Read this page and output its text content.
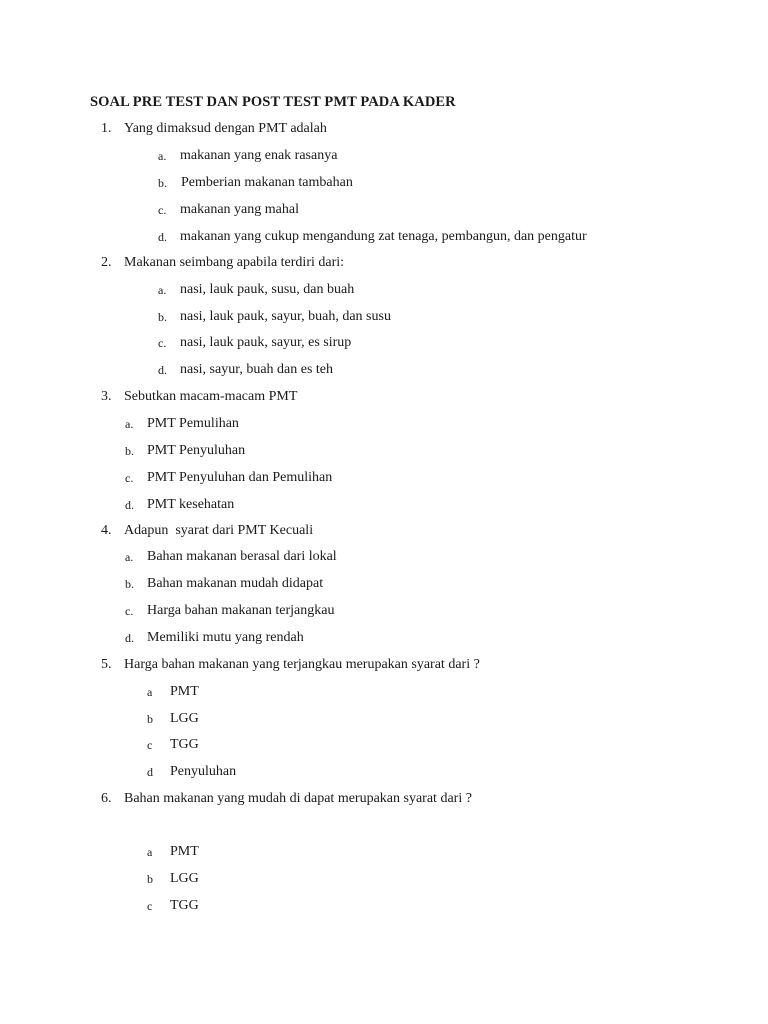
SOAL PRE TEST DAN POST TEST PMT PADA KADER
1. Yang dimaksud dengan PMT adalah
a. makanan yang enak rasanya
b. Pemberian makanan tambahan
c. makanan yang mahal
d. makanan yang cukup mengandung zat tenaga, pembangun, dan pengatur
2. Makanan seimbang apabila terdiri dari:
a. nasi, lauk pauk, susu, dan buah
b. nasi, lauk pauk, sayur, buah, dan susu
c. nasi, lauk pauk, sayur, es sirup
d. nasi, sayur, buah dan es teh
3. Sebutkan macam-macam PMT
a. PMT Pemulihan
b. PMT Penyuluhan
c. PMT Penyuluhan dan Pemulihan
d. PMT kesehatan
4. Adapun  syarat dari PMT Kecuali
a. Bahan makanan berasal dari lokal
b. Bahan makanan mudah didapat
c. Harga bahan makanan terjangkau
d. Memiliki mutu yang rendah
5. Harga bahan makanan yang terjangkau merupakan syarat dari ?
a PMT
b LGG
c TGG
d Penyuluhan
6. Bahan makanan yang mudah di dapat merupakan syarat dari ?
a PMT
b LGG
c TGG
